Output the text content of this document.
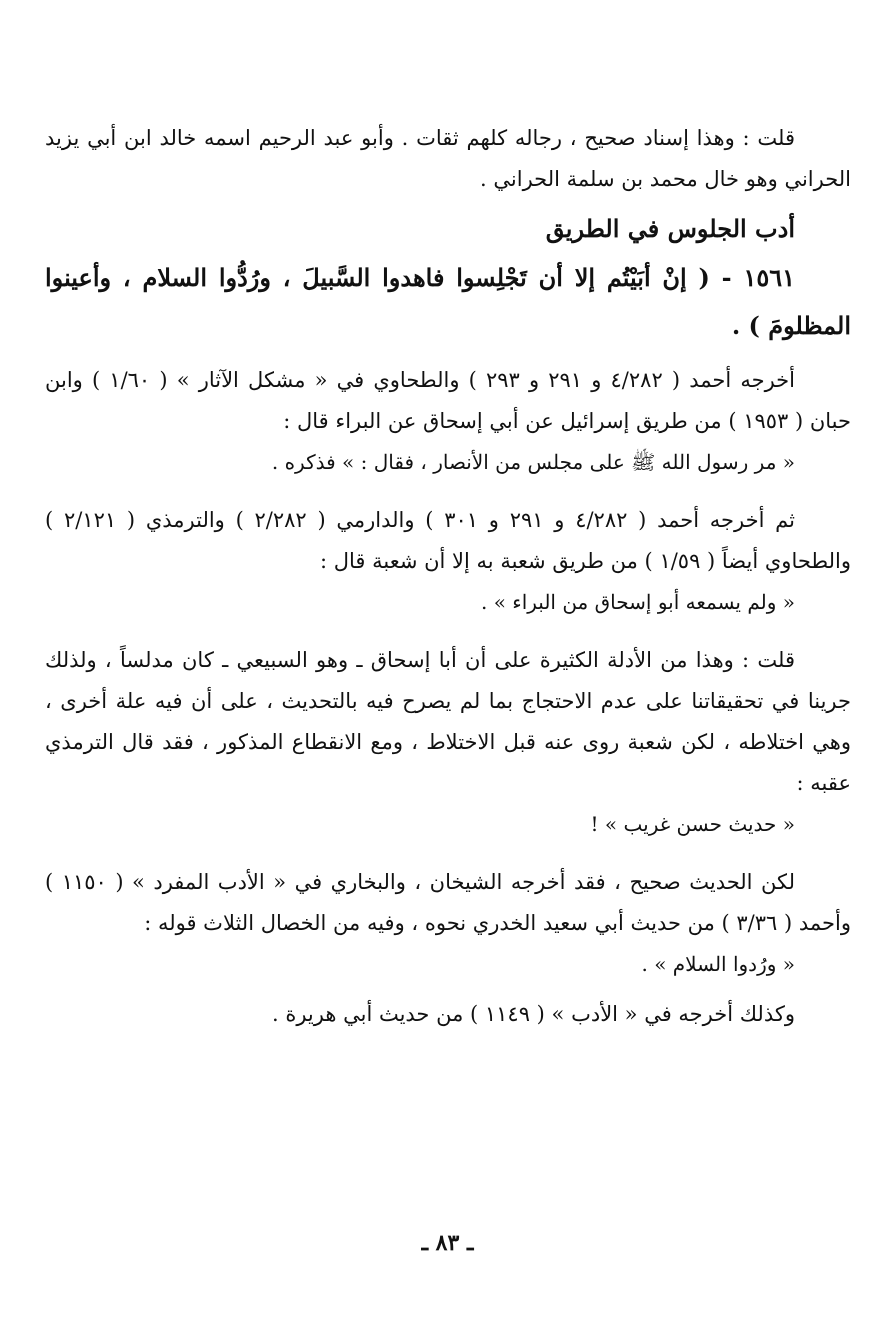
قلت : وهذا إسناد صحيح ، رجاله كلهم ثقات . وأبو عبد الرحيم اسمه خالد ابن أبي يزيد الحراني وهو خال محمد بن سلمة الحراني .

أدب الجلوس في الطريق

١٥٦١ - ( إنْ أبَيْتُم إلا أن تَجْلِسوا فاهدوا السَّبيلَ ، ورُدُّوا السلام ، وأعينوا المظلومَ ) .

أخرجه أحمد ( ٤/٢٨٢ و ٢٩١ و ٢٩٣ ) والطحاوي في « مشكل الآثار » ( ١/٦٠ ) وابن حبان ( ١٩٥٣ ) من طريق إسرائيل عن أبي إسحاق عن البراء قال :

« مر رسول الله ﷺ على مجلس من الأنصار ، فقال : » فذكره .

ثم أخرجه أحمد ( ٤/٢٨٢ و ٢٩١ و ٣٠١ ) والدارمي ( ٢/٢٨٢ ) والترمذي ( ٢/١٢١ ) والطحاوي أيضاً ( ١/٥٩ ) من طريق شعبة به إلا أن شعبة قال :

« ولم يسمعه أبو إسحاق من البراء » .

قلت : وهذا من الأدلة الكثيرة على أن أبا إسحاق ـ وهو السبيعي ـ كان مدلساً ، ولذلك جرينا في تحقيقاتنا على عدم الاحتجاج بما لم يصرح فيه بالتحديث ، على أن فيه علة أخرى ، وهي اختلاطه ، لكن شعبة روى عنه قبل الاختلاط ، ومع الانقطاع المذكور ، فقد قال الترمذي عقبه :

« حديث حسن غريب » !

لكن الحديث صحيح ، فقد أخرجه الشيخان ، والبخاري في « الأدب المفرد » ( ١١٥٠ ) وأحمد ( ٣/٣٦ ) من حديث أبي سعيد الخدري نحوه ، وفيه من الخصال الثلاث قوله :

« ورُدوا السلام » .

وكذلك أخرجه في « الأدب » ( ١١٤٩ ) من حديث أبي هريرة .

ـ ٨٣ ـ
